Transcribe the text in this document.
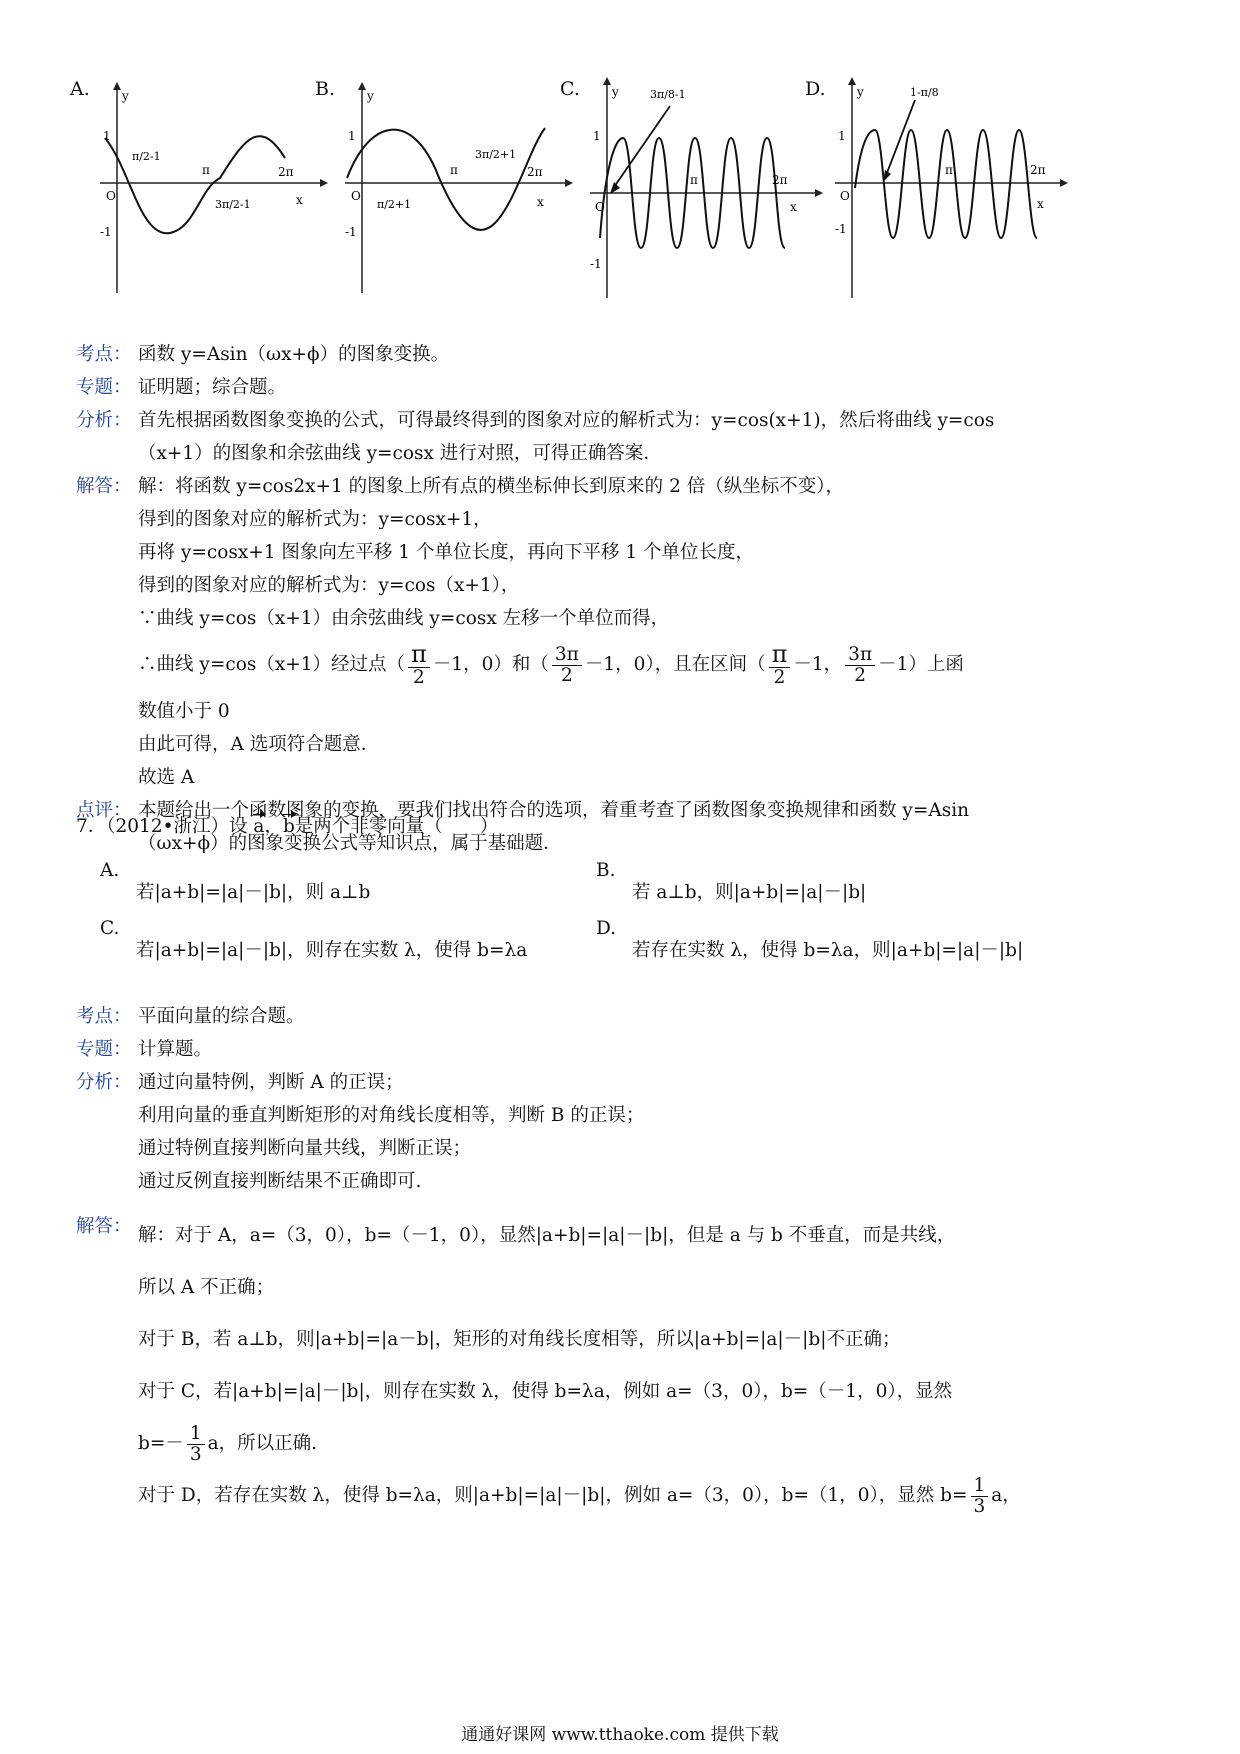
1
-1
O
π	2π
x
y
π/2-1
3π/2-1
A.
1
-1
O
π	2π
x
y
π/2+1
3π/2+1
B.
1
-1
O
π	2π
x
y	3π/8-1
C.
1
-1
O
π	2π
x
y	1-π/8
D.
考点： 函数 y=Asin（ωx+ϕ）的图象变换。
专题： 证明题；综合题。
分析： 首先根据函数图象变换的公式，可得最终得到的图象对应的解析式为：y=cos(x+1)，然后将曲线 y=cos
（x+1）的图象和余弦曲线 y=cosx 进行对照，可得正确答案．
解答： 解：将函数 y=cos2x+1 的图象上所有点的横坐标伸长到原来的 2 倍（纵坐标不变），
得到的图象对应的解析式为：y=cosx+1，
再将 y=cosx+1 图象向左平移 1 个单位长度，再向下平移 1 个单位长度，
得到的图象对应的解析式为：y=cos（x+1），
∵曲线 y=cos（x+1）由余弦曲线 y=cosx 左移一个单位而得，
∴曲线 y=cos（x+1）经过点（ $\frac{\pi}{2} -1$，0）和（ $\frac{3\pi}{2} -1$，0），且在区间（ $\frac{\pi}{2} -1$， $\frac{3\pi}{2} -1$）上函
数值小于 0
由此可得，A 选项符合题意．
故选 A
点评： 本题给出一个函数图象的变换，要我们找出符合的选项，着重考查了函数图象变换规律和函数 y=Asin
（ωx+ϕ）的图象变换公式等知识点，属于基础题．
7．（2012•浙江）设 a，b是两个非零向量（　　）
A.
若|a+b|=|a|－|b|，则 a⊥b
B.
若 a⊥b，则|a+b|=|a|－|b|
C.
若|a+b|=|a|－|b|，则存在实数 λ，使得 b=λa
D.
若存在实数 λ，使得 b=λa，则|a+b|=|a|－|b|
考点： 平面向量的综合题。
专题： 计算题。
分析： 通过向量特例，判断 A 的正误；
利用向量的垂直判断矩形的对角线长度相等，判断 B 的正误；
通过特例直接判断向量共线，判断正误；
通过反例直接判断结果不正确即可.
解答： 解：对于 A，a=（3，0），b=（－1，0），显然|a+b|=|a|－|b|，但是 a 与 b 不垂直，而是共线，
所以 A 不正确；
对于 B，若 a⊥b，则|a+b|=|a－b|，矩形的对角线长度相等，所以|a+b|=|a|－|b|不正确；
对于 C，若|a+b|=|a|－|b|，则存在实数 λ，使得 b=λa，例如 a=（3，0），b=（－1，0），显然
$b=- \frac{1}{3}$ a，所以正确.
对于 D，若存在实数 λ，使得 b=λa，则|a+b|=|a|－|b|，例如 a=（3，0），b=（1，0），显然 $b= \frac{1}{3}$ a，
通通好课网 www.tthaoke.com 提供下载
